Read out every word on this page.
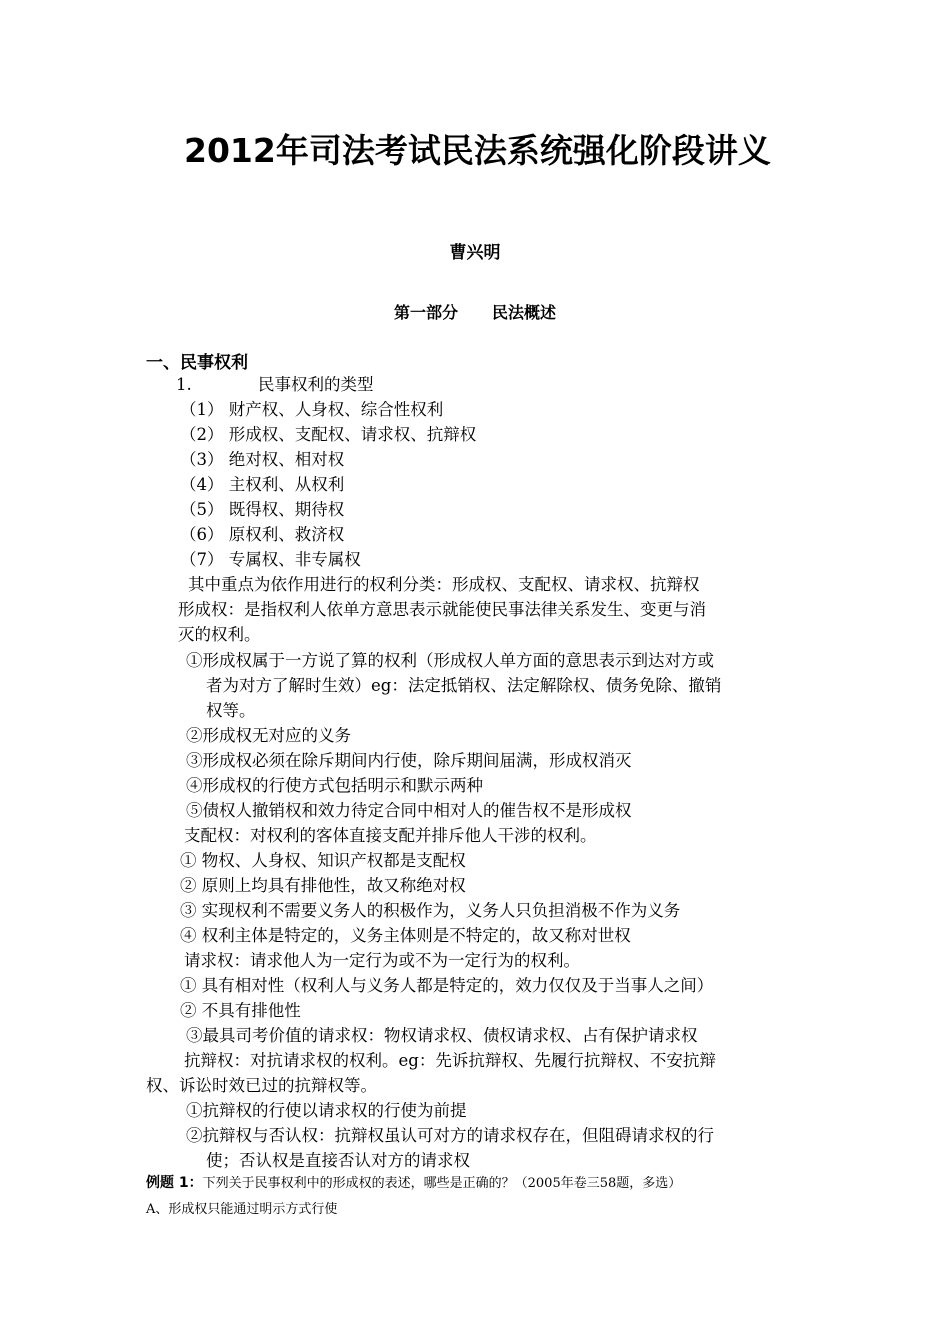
2012年司法考试民法系统强化阶段讲义
曹兴明
第一部分 民法概述
一、民事权利
1.	民事权利的类型
（1） 财产权、人身权、综合性权利
（2） 形成权、支配权、请求权、抗辩权
（3） 绝对权、相对权
（4） 主权利、从权利
（5） 既得权、期待权
（6） 原权利、救济权
（7） 专属权、非专属权
其中重点为依作用进行的权利分类：形成权、支配权、请求权、抗辩权
形成权：是指权利人依单方意思表示就能使民事法律关系发生、变更与消
灭的权利。
①形成权属于一方说了算的权利（形成权人单方面的意思表示到达对方或
者为对方了解时生效）eg：法定抵销权、法定解除权、债务免除、撤销
权等。
②形成权无对应的义务
③形成权必须在除斥期间内行使，除斥期间届满，形成权消灭
④形成权的行使方式包括明示和默示两种
⑤债权人撤销权和效力待定合同中相对人的催告权不是形成权
支配权：对权利的客体直接支配并排斥他人干涉的权利。
① 物权、人身权、知识产权都是支配权
② 原则上均具有排他性，故又称绝对权
③ 实现权利不需要义务人的积极作为，义务人只负担消极不作为义务
④ 权利主体是特定的，义务主体则是不特定的，故又称对世权
请求权：请求他人为一定行为或不为一定行为的权利。
① 具有相对性（权利人与义务人都是特定的，效力仅仅及于当事人之间）
② 不具有排他性
③最具司考价值的请求权：物权请求权、债权请求权、占有保护请求权
抗辩权：对抗请求权的权利。eg：先诉抗辩权、先履行抗辩权、不安抗辩
权、诉讼时效已过的抗辩权等。
①抗辩权的行使以请求权的行使为前提
②抗辩权与否认权：抗辩权虽认可对方的请求权存在，但阻碍请求权的行
使；否认权是直接否认对方的请求权
例题 1：下列关于民事权利中的形成权的表述，哪些是正确的？（2005年卷三58题，多选）
A、形成权只能通过明示方式行使
